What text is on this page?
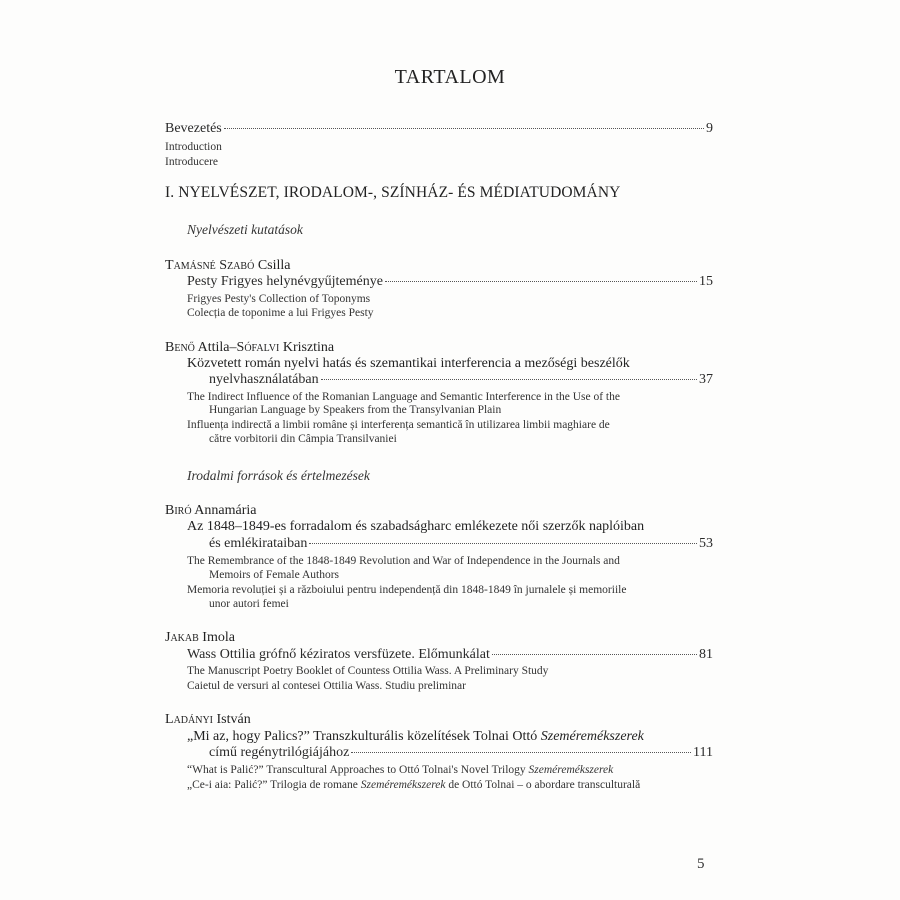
TARTALOM
Bevezetés	9
Introduction
Introducere
I. NYELVÉSZET, IRODALOM-, SZÍNHÁZ- ÉS MÉDIATUDOMÁNY
Nyelvészeti kutatások
Tamásné Szabó Csilla
Pesty Frigyes helynévgyűjteménye	15
Frigyes Pesty's Collection of Toponyms
Colecția de toponime a lui Frigyes Pesty
Benő Attila–Sófalvi Krisztina
Közvetett román nyelvi hatás és szemantikai interferencia a mezőségi beszélők
nyelvhasználatában	37
The Indirect Influence of the Romanian Language and Semantic Interference in the Use of the
Hungarian Language by Speakers from the Transylvanian Plain
Influența indirectă a limbii române și interferența semantică în utilizarea limbii maghiare de
către vorbitorii din Câmpia Transilvaniei
Irodalmi források és értelmezések
Biró Annamária
Az 1848–1849-es forradalom és szabadságharc emlékezete női szerzők naplóiban
és emlékirataiban	53
The Remembrance of the 1848-1849 Revolution and War of Independence in the Journals and
Memoirs of Female Authors
Memoria revoluției și a războiului pentru independență din 1848-1849 în jurnalele și memoriile
unor autori femei
Jakab Imola
Wass Ottilia grófnő kéziratos versfüzete. Előmunkálat	81
The Manuscript Poetry Booklet of Countess Ottilia Wass. A Preliminary Study
Caietul de versuri al contesei Ottilia Wass. Studiu preliminar
Ladányi István
„Mi az, hogy Palics?” Transzkulturális közelítések Tolnai Ottó Szeméremékszerek
című regénytrilógiájához	111
“What is Palić?” Transcultural Approaches to Ottó Tolnai's Novel Trilogy Szeméremékszerek
„Ce-i aia: Palić?” Trilogia de romane Szeméremékszerek de Ottó Tolnai – o abordare transculturală
5
